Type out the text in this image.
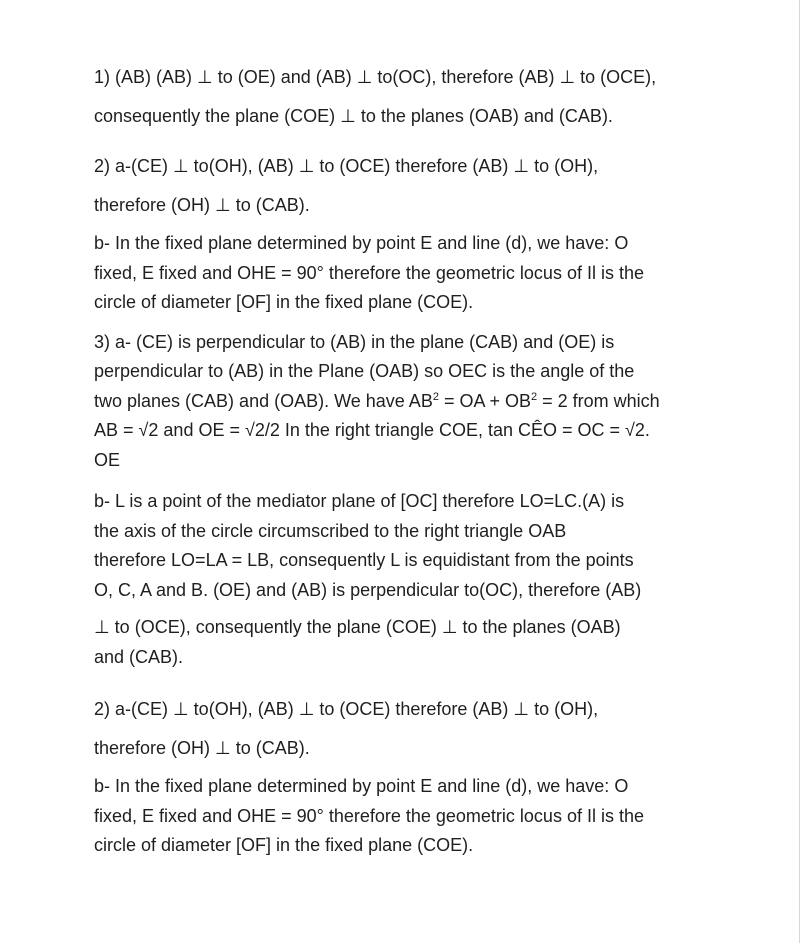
1) (AB) (AB) ⊥ to (OE) and (AB) ⊥ to(OC), therefore (AB) ⊥ to (OCE),

consequently the plane (COE) ⊥ to the planes (OAB) and (CAB).

2) a-(CE) ⊥ to(OH), (AB) ⊥ to (OCE) therefore (AB) ⊥ to (OH),

therefore (OH) ⊥ to (CAB).

b- In the fixed plane determined by point E and line (d), we have: O

fixed, E fixed and OHE = 90° therefore the geometric locus of Il is the

circle of diameter [OF] in the fixed plane (COE).

3) a- (CE) is perpendicular to (AB) in the plane (CAB) and (OE) is

perpendicular to (AB) in the Plane (OAB) so OEC is the angle of the

two planes (CAB) and (OAB). We have $AB^2$ = OA + $OB^2 = 2$ from which

AB = √2 and OE = √2/2 In the right triangle COE, tan CÊO = OC = √2.

OE

b- L is a point of the mediator plane of [OC] therefore LO=LC.(A) is

the axis of the circle circumscribed to the right triangle OAB

therefore LO=LA = LB, consequently L is equidistant from the points

O, C, A and B. (OE) and (AB) is perpendicular to(OC), therefore (AB)

⊥ to (OCE), consequently the plane (COE) ⊥ to the planes (OAB)

and (CAB).

2) a-(CE) ⊥ to(OH), (AB) ⊥ to (OCE) therefore (AB) ⊥ to (OH),

therefore (OH) ⊥ to (CAB).

b- In the fixed plane determined by point E and line (d), we have: O

fixed, E fixed and OHE = 90° therefore the geometric locus of Il is the

circle of diameter [OF] in the fixed plane (COE).
